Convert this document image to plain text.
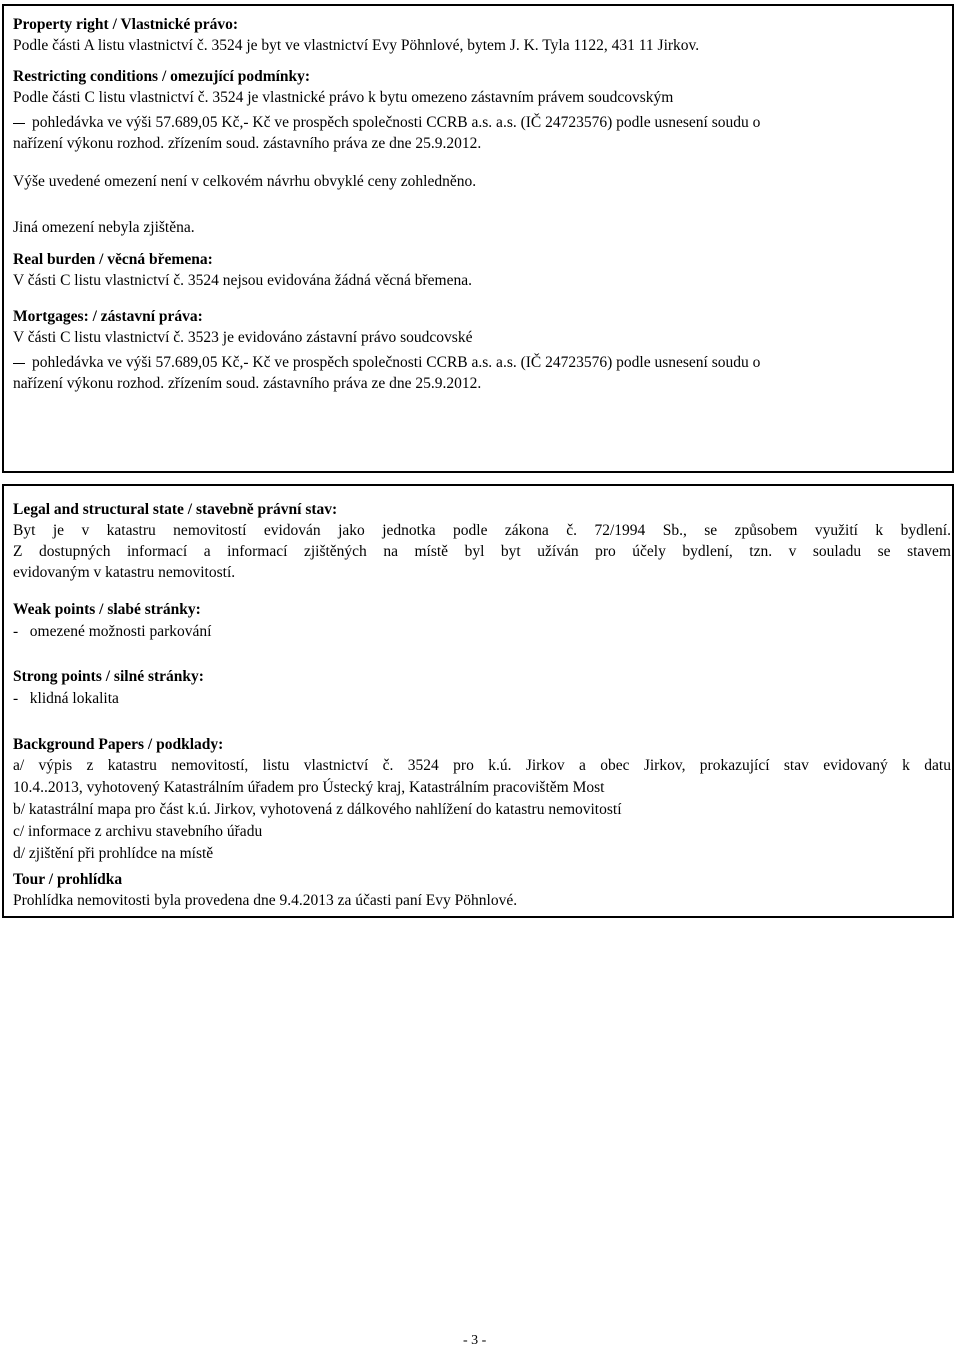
Property right / Vlastnické právo:
Podle části A listu vlastnictví č. 3524 je byt ve vlastnictví Evy Pöhnlové, bytem J. K. Tyla 1122, 431 11 Jirkov.
Restricting conditions / omezující podmínky:
Podle části C listu vlastnictví č. 3524 je vlastnické právo k bytu omezeno zástavním právem soudcovským
pohledávka ve výši 57.689,05 Kč,- Kč ve prospěch společnosti CCRB a.s. a.s. (IČ 24723576) podle usnesení soudu o
nařízení výkonu rozhod. zřízením soud. zástavního práva ze dne 25.9.2012.
Výše uvedené omezení není v celkovém návrhu obvyklé ceny zohledněno.
Jiná omezení nebyla zjištěna.
Real burden / věcná břemena:
V části C listu vlastnictví č. 3524 nejsou evidována žádná věcná břemena.
Mortgages: / zástavní práva:
V části C listu vlastnictví č. 3523 je evidováno zástavní právo soudcovské
pohledávka ve výši 57.689,05 Kč,- Kč ve prospěch společnosti CCRB a.s. a.s. (IČ 24723576) podle usnesení soudu o
nařízení výkonu rozhod. zřízením soud. zástavního práva ze dne 25.9.2012.
Legal and structural state / stavebně právní stav:
Byt je v katastru nemovitostí evidován jako jednotka podle zákona č. 72/1994 Sb., se způsobem využití k bydlení.
Z dostupných informací a informací zjištěných na místě byl byt užíván pro účely bydlení, tzn. v souladu se stavem
evidovaným v katastru nemovitostí.
Weak points / slabé stránky:
-   omezené možnosti parkování
Strong points / silné stránky:
-   klidná lokalita
Background Papers / podklady:
a/ výpis z katastru nemovitostí, listu vlastnictví č. 3524 pro k.ú. Jirkov a obec Jirkov, prokazující stav evidovaný k datu
10.4..2013, vyhotovený Katastrálním úřadem pro Ústecký kraj, Katastrálním pracovištěm Most
b/ katastrální mapa pro část k.ú. Jirkov, vyhotovená z dálkového nahlížení do katastru nemovitostí
c/ informace z archivu stavebního úřadu
d/ zjištění při prohlídce na místě
Tour / prohlídka
Prohlídka nemovitosti byla provedena dne 9.4.2013 za účasti paní Evy Pöhnlové.
- 3 -
